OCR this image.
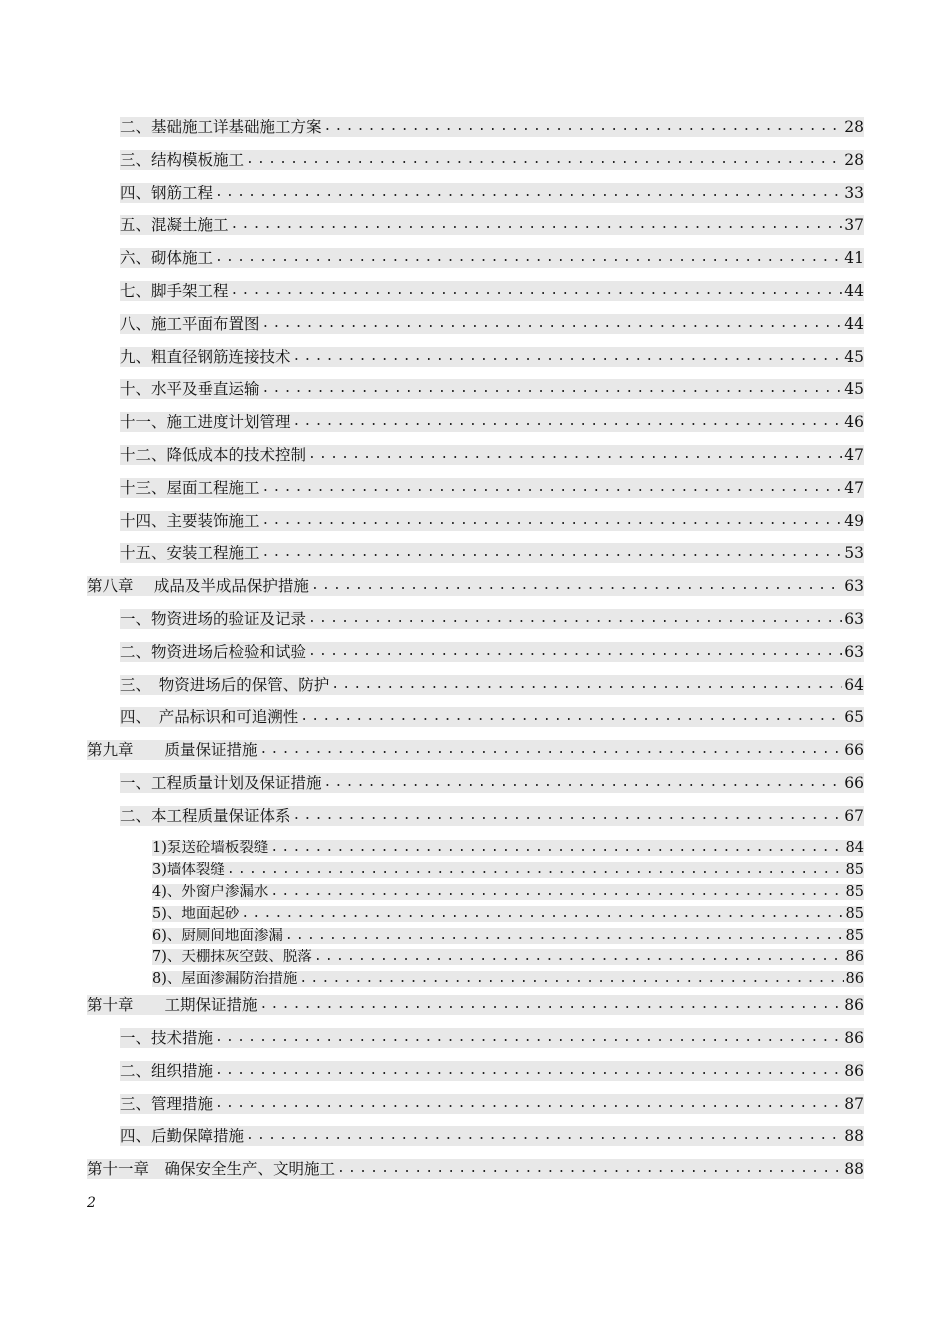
二、基础施工详基础施工方案 .....	28
三、结构模板施工 .....	28
四、钢筋工程 .....	33
五、混凝土施工 .....	37
六、砌体施工 .....	41
七、脚手架工程 .....	44
八、施工平面布置图 .....	44
九、粗直径钢筋连接技术 .....	45
十、水平及垂直运输 .....	45
十一、施工进度计划管理 .....	46
十二、降低成本的技术控制 .....	47
十三、屋面工程施工 .....	47
十四、主要装饰施工 .....	49
十五、安装工程施工 .....	53
第八章　 成品及半成品保护措施 .....	63
一、物资进场的验证及记录 .....	63
二、物资进场后检验和试验 .....	63
三、　物资进场后的保管、防护 .....	64
四、　产品标识和可追溯性 .....	65
第九章　　质量保证措施 .....	66
一、工程质量计划及保证措施 .....	66
二、本工程质量保证体系 .....	67
1)泵送砼墙板裂缝 .....	84
3)墙体裂缝 .....	85
4)、外窗户渗漏水 .....	85
5)、地面起砂 .....	85
6)、厨厕间地面渗漏 .....	85
7)、天棚抹灰空鼓、脱落 .....	86
8)、屋面渗漏防治措施 .....	86
第十章　　工期保证措施 .....	86
一、技术措施 .....	86
二、组织措施 .....	86
三、管理措施 .....	87
四、后勤保障措施 .....	88
第十一章　确保安全生产、文明施工 .....	88
2
